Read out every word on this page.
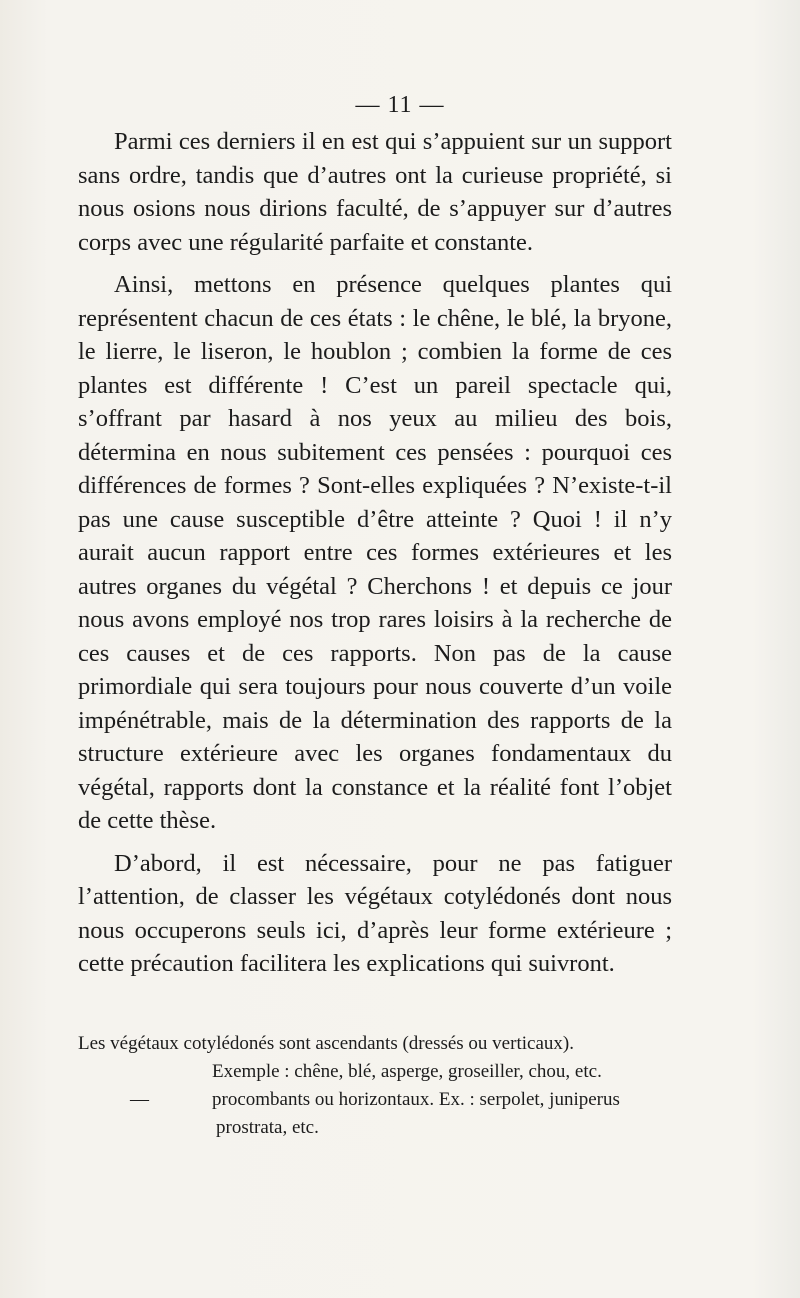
— 11 —

Parmi ces derniers il en est qui s’appuient sur un support sans ordre, tandis que d’autres ont la curieuse propriété, si nous osions nous dirions faculté, de s’appuyer sur d’autres corps avec une régularité parfaite et constante.

Ainsi, mettons en présence quelques plantes qui représentent chacun de ces états : le chêne, le blé, la bryone, le lierre, le liseron, le houblon ; combien la forme de ces plantes est différente ! C’est un pareil spectacle qui, s’offrant par hasard à nos yeux au milieu des bois, détermina en nous subitement ces pensées : pourquoi ces différences de formes ? Sont-elles expliquées ? N’existe-t-il pas une cause susceptible d’être atteinte ? Quoi ! il n’y aurait aucun rapport entre ces formes extérieures et les autres organes du végétal ? Cherchons ! et depuis ce jour nous avons employé nos trop rares loisirs à la recherche de ces causes et de ces rapports. Non pas de la cause primordiale qui sera toujours pour nous couverte d’un voile impénétrable, mais de la détermination des rapports de la structure extérieure avec les organes fondamentaux du végétal, rapports dont la constance et la réalité font l’objet de cette thèse.

D’abord, il est nécessaire, pour ne pas fatiguer l’attention, de classer les végétaux cotylédonés dont nous nous occuperons seuls ici, d’après leur forme extérieure ; cette précaution facilitera les explications qui suivront.

Les végétaux cotylédonés sont ascendants (dressés ou verticaux).
Exemple : chêne, blé, asperge, groseiller, chou, etc.
—	procombants ou horizontaux. Ex. : serpolet, juniperus
prostrata, etc.
